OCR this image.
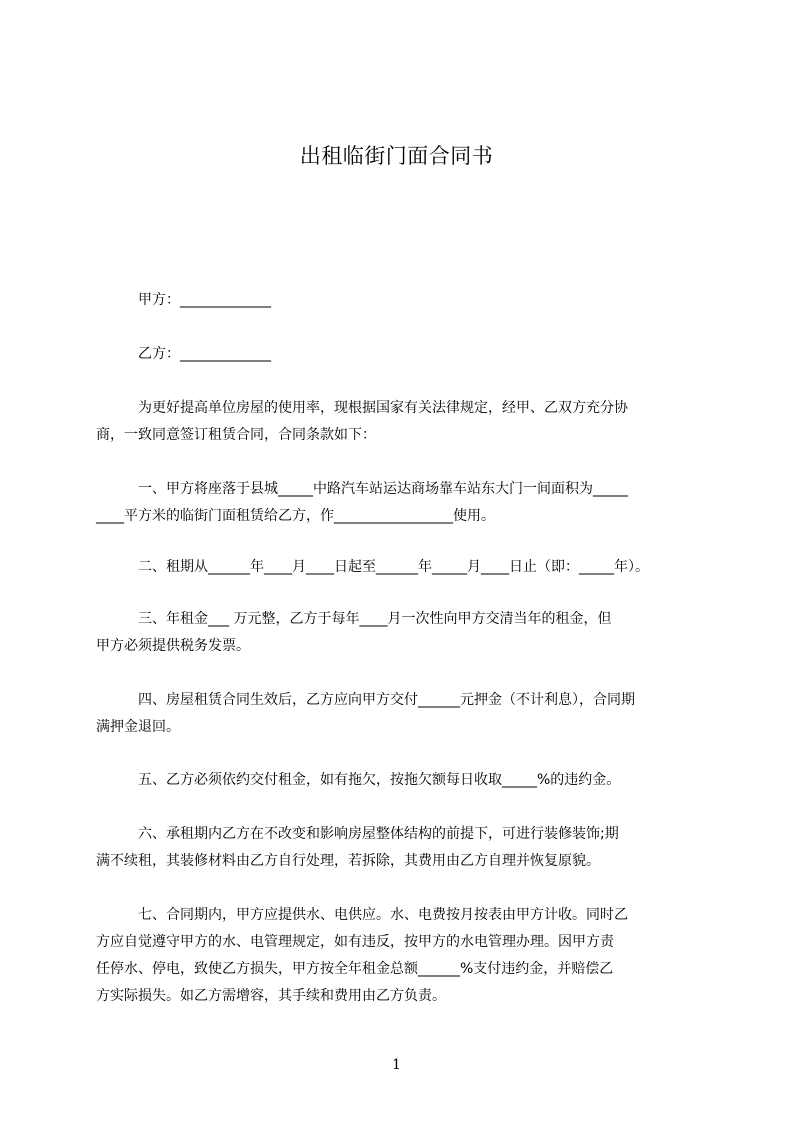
出租临街门面合同书
甲方：_____________
乙方：_____________
为更好提高单位房屋的使用率，现根据国家有关法律规定，经甲、乙双方充分协
商，一致同意签订租赁合同，合同条款如下：
一、甲方将座落于县城_____中路汽车站运达商场靠车站东大门一间面积为_____
____平方米的临街门面租赁给乙方，作_________________使用。
二、租期从______年____月____日起至______年_____月____日止（即：_____年）。
三、年租金___ 万元整，乙方于每年____月一次性向甲方交清当年的租金，但
甲方必须提供税务发票。
四、房屋租赁合同生效后，乙方应向甲方交付______元押金（不计利息），合同期
满押金退回。
五、乙方必须依约交付租金，如有拖欠，按拖欠额每日收取_____%的违约金。
六、承租期内乙方在不改变和影响房屋整体结构的前提下，可进行装修装饰;期
满不续租，其装修材料由乙方自行处理，若拆除，其费用由乙方自理并恢复原貌。
七、合同期内，甲方应提供水、电供应。水、电费按月按表由甲方计收。同时乙
方应自觉遵守甲方的水、电管理规定，如有违反，按甲方的水电管理办理。因甲方责
任停水、停电，致使乙方损失，甲方按全年租金总额______%支付违约金，并赔偿乙
方实际损失。如乙方需增容，其手续和费用由乙方负责。
1
